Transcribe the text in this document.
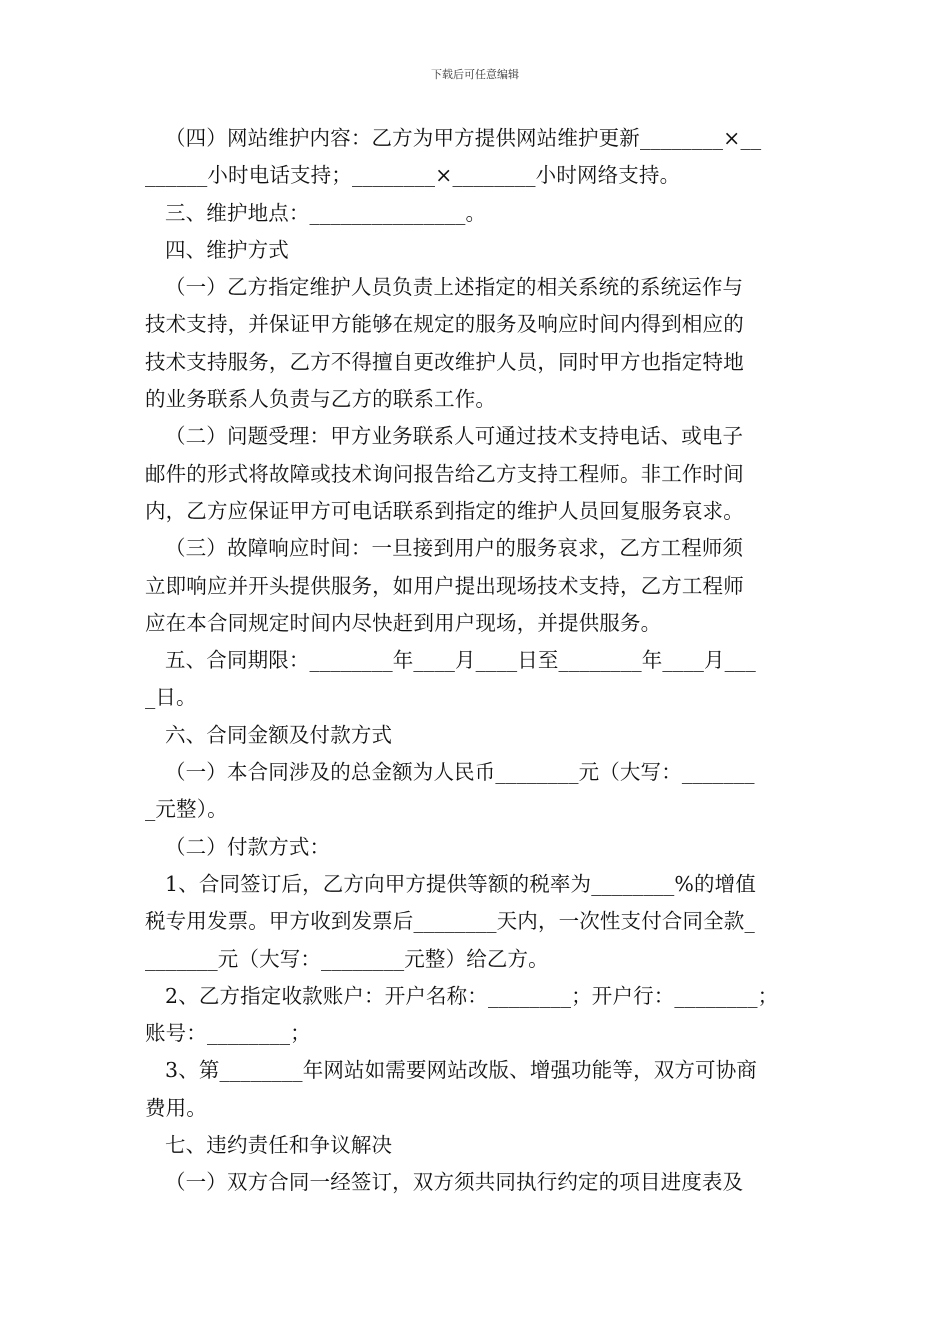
下载后可任意编辑
（四）网站维护内容：乙方为甲方提供网站维护更新________×__
______小时电话支持；________×________小时网络支持。
三、维护地点：_______________。
四、维护方式
（一）乙方指定维护人员负责上述指定的相关系统的系统运作与
技术支持，并保证甲方能够在规定的服务及响应时间内得到相应的
技术支持服务，乙方不得擅自更改维护人员，同时甲方也指定特地
的业务联系人负责与乙方的联系工作。
（二）问题受理：甲方业务联系人可通过技术支持电话、或电子
邮件的形式将故障或技术询问报告给乙方支持工程师。非工作时间
内，乙方应保证甲方可电话联系到指定的维护人员回复服务哀求。
（三）故障响应时间：一旦接到用户的服务哀求，乙方工程师须
立即响应并开头提供服务，如用户提出现场技术支持，乙方工程师
应在本合同规定时间内尽快赶到用户现场，并提供服务。
五、合同期限：________年____月____日至________年____月___
_日。
六、合同金额及付款方式
（一）本合同涉及的总金额为人民币________元（大写：_______
_元整）。
（二）付款方式：
1、合同签订后，乙方向甲方提供等额的税率为________%的增值
税专用发票。甲方收到发票后________天内，一次性支付合同全款_
_______元（大写：________元整）给乙方。
2、乙方指定收款账户：开户名称：________；开户行：________；
账号：________；
3、第________年网站如需要网站改版、增强功能等，双方可协商
费用。
七、违约责任和争议解决
（一）双方合同一经签订，双方须共同执行约定的项目进度表及
